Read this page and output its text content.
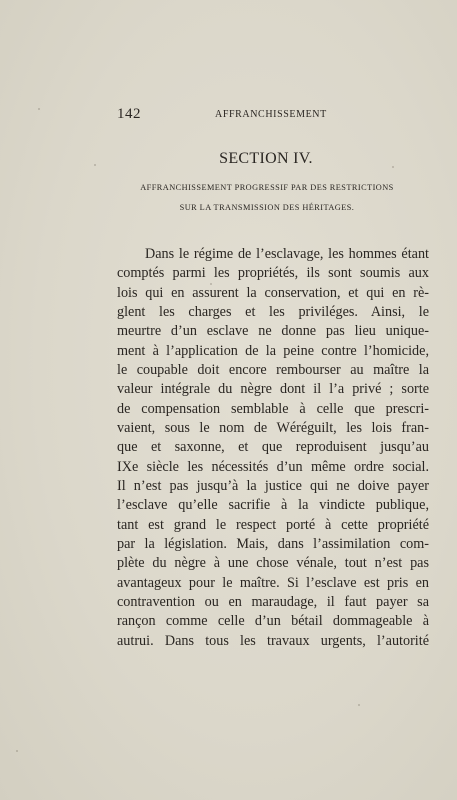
142	AFFRANCHISSEMENT
SECTION IV.
AFFRANCHISSEMENT PROGRESSIF PAR DES RESTRICTIONS
SUR LA TRANSMISSION DES HÉRITAGES.
Dans le régime de l’esclavage, les hommes étant
comptés parmi les propriétés, ils sont soumis aux
lois qui en assurent la conservation, et qui en rè-
glent les charges et les priviléges. Ainsi, le
meurtre d’un esclave ne donne pas lieu unique-
ment à l’application de la peine contre l’homicide,
le coupable doit encore rembourser au maître la
valeur intégrale du nègre dont il l’a privé ; sorte
de compensation semblable à celle que prescri-
vaient, sous le nom de Wéréguilt, les lois fran-
que et saxonne, et que reproduisent jusqu’au
IXe siècle les nécessités d’un même ordre social.
Il n’est pas jusqu’à la justice qui ne doive payer
l’esclave qu’elle sacrifie à la vindicte publique,
tant est grand le respect porté à cette propriété
par la législation. Mais, dans l’assimilation com-
plète du nègre à une chose vénale, tout n’est pas
avantageux pour le maître. Si l’esclave est pris en
contravention ou en maraudage, il faut payer sa
rançon comme celle d’un bétail dommageable à
autrui. Dans tous les travaux urgents, l’autorité
